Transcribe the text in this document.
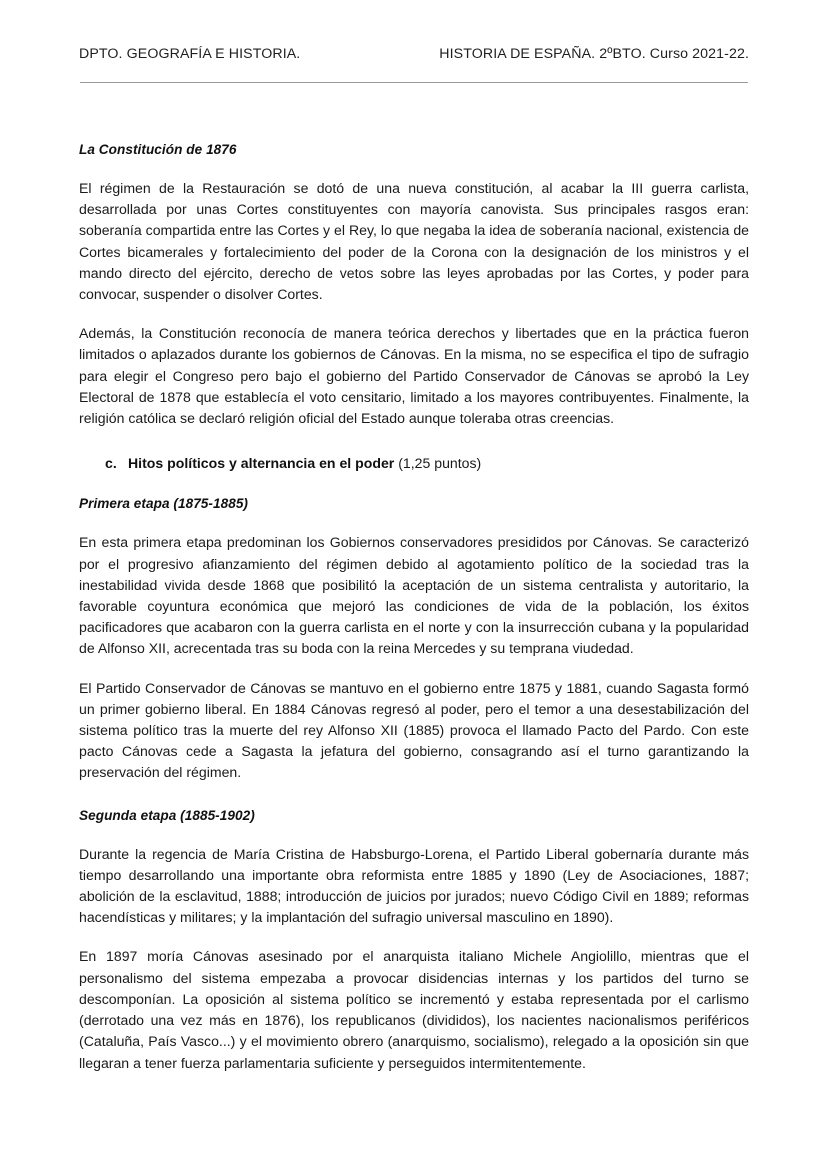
DPTO. GEOGRAFÍA E HISTORIA.	HISTORIA DE ESPAÑA. 2ºBTO. Curso 2021-22.
La Constitución de 1876

El régimen de la Restauración se dotó de una nueva constitución, al acabar la III guerra carlista, desarrollada por unas Cortes constituyentes con mayoría canovista. Sus principales rasgos eran: soberanía compartida entre las Cortes y el Rey, lo que negaba la idea de soberanía nacional, existencia de Cortes bicamerales y fortalecimiento del poder de la Corona con la designación de los ministros y el mando directo del ejército, derecho de vetos sobre las leyes aprobadas por las Cortes, y poder para convocar, suspender o disolver Cortes.

Además, la Constitución reconocía de manera teórica derechos y libertades que en la práctica fueron limitados o aplazados durante los gobiernos de Cánovas. En la misma, no se especifica el tipo de sufragio para elegir el Congreso pero bajo el gobierno del Partido Conservador de Cánovas se aprobó la Ley Electoral de 1878 que establecía el voto censitario, limitado a los mayores contribuyentes. Finalmente, la religión católica se declaró religión oficial del Estado aunque toleraba otras creencias.

c. Hitos políticos y alternancia en el poder (1,25 puntos)
Primera etapa (1875-1885)

En esta primera etapa predominan los Gobiernos conservadores presididos por Cánovas. Se caracterizó por el progresivo afianzamiento del régimen debido al agotamiento político de la sociedad tras la inestabilidad vivida desde 1868 que posibilitó la aceptación de un sistema centralista y autoritario, la favorable coyuntura económica que mejoró las condiciones de vida de la población, los éxitos pacificadores que acabaron con la guerra carlista en el norte y con la insurrección cubana y la popularidad de Alfonso XII, acrecentada tras su boda con la reina Mercedes y su temprana viudedad.

El Partido Conservador de Cánovas se mantuvo en el gobierno entre 1875 y 1881, cuando Sagasta formó un primer gobierno liberal. En 1884 Cánovas regresó al poder, pero el temor a una desestabilización del sistema político tras la muerte del rey Alfonso XII (1885) provoca el llamado Pacto del Pardo. Con este pacto Cánovas cede a Sagasta la jefatura del gobierno, consagrando así el turno garantizando la preservación del régimen.

Segunda etapa (1885-1902)

Durante la regencia de María Cristina de Habsburgo-Lorena, el Partido Liberal gobernaría durante más tiempo desarrollando una importante obra reformista entre 1885 y 1890 (Ley de Asociaciones, 1887; abolición de la esclavitud, 1888; introducción de juicios por jurados; nuevo Código Civil en 1889; reformas hacendísticas y militares; y la implantación del sufragio universal masculino en 1890).

En 1897 moría Cánovas asesinado por el anarquista italiano Michele Angiolillo, mientras que el personalismo del sistema empezaba a provocar disidencias internas y los partidos del turno se descomponían. La oposición al sistema político se incrementó y estaba representada por el carlismo (derrotado una vez más en 1876), los republicanos (divididos), los nacientes nacionalismos periféricos (Cataluña, País Vasco...) y el movimiento obrero (anarquismo, socialismo), relegado a la oposición sin que llegaran a tener fuerza parlamentaria suficiente y perseguidos intermitentemente.
